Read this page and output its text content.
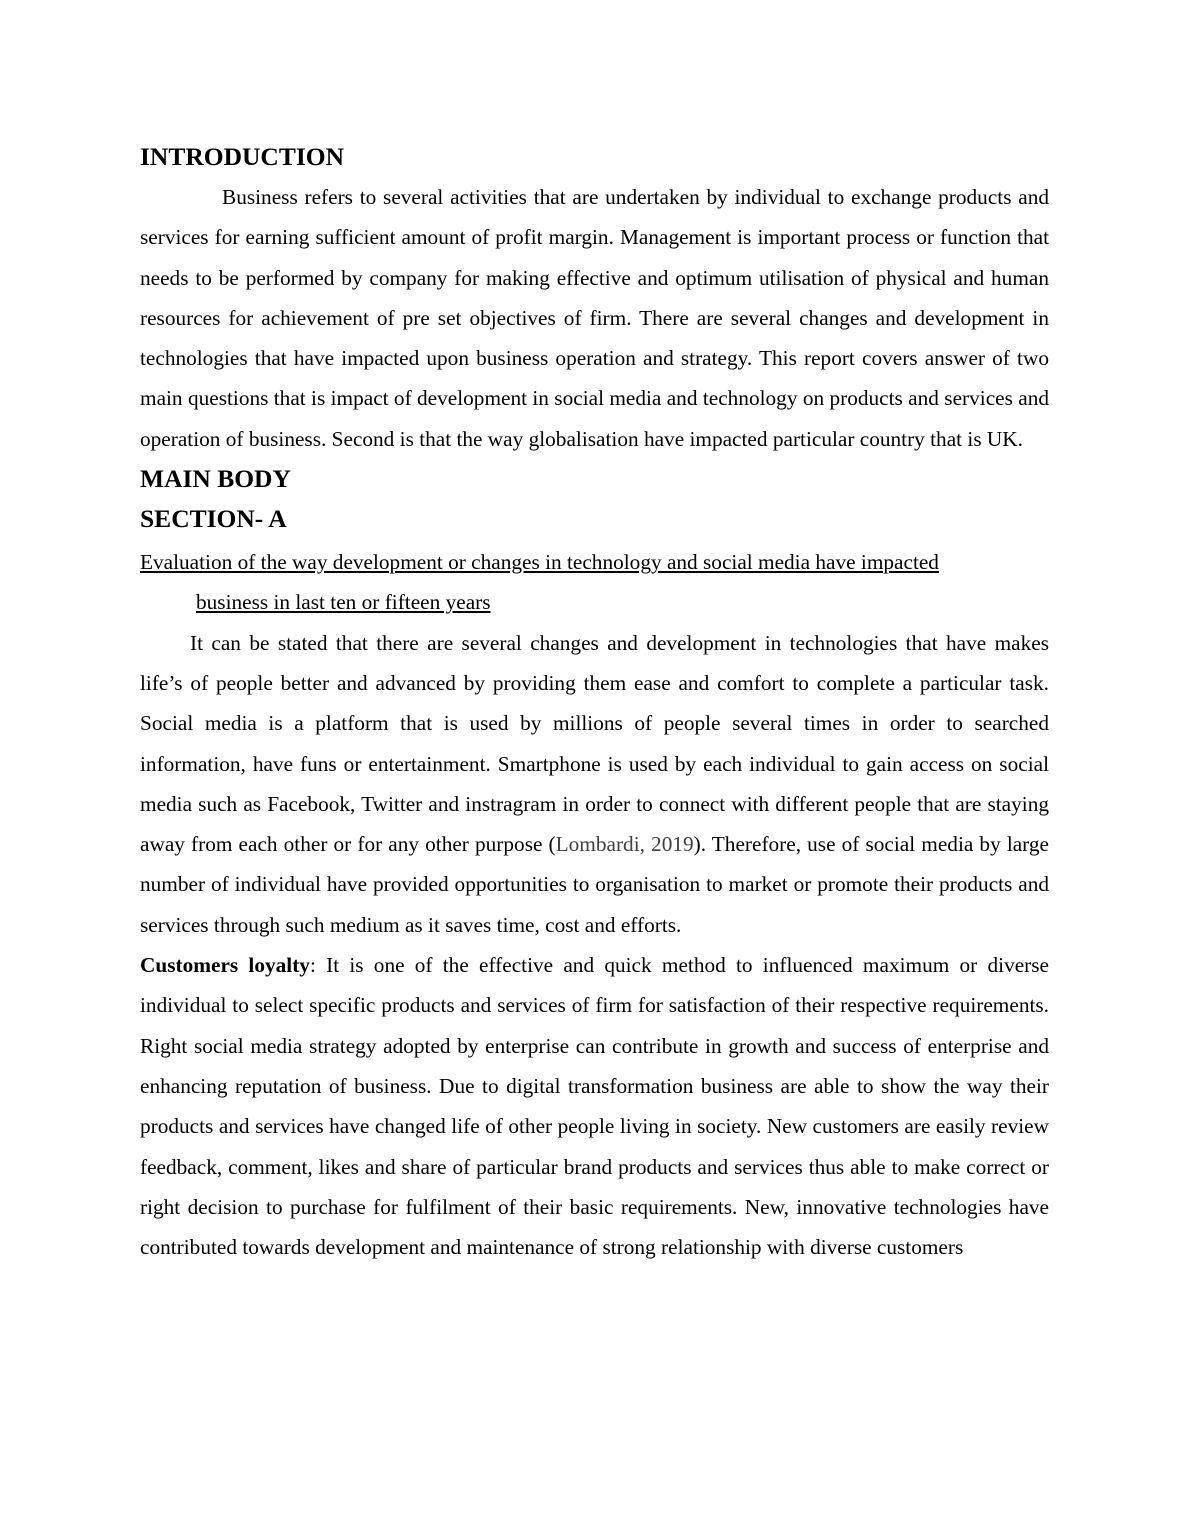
INTRODUCTION

Business refers to several activities that are undertaken by individual to exchange products and services for earning sufficient amount of profit margin. Management is important process or function that needs to be performed by company for making effective and optimum utilisation of physical and human resources for achievement of pre set objectives of firm. There are several changes and development in technologies that have impacted upon business operation and strategy. This report covers answer of two main questions that is impact of development in social media and technology on products and services and operation of business. Second is that the way globalisation have impacted particular country that is UK.

MAIN BODY
SECTION- A

Evaluation of the way development or changes in technology and social media have impacted
business in last ten or fifteen years

It can be stated that there are several changes and development in technologies that have makes life’s of people better and advanced by providing them ease and comfort to complete a particular task. Social media is a platform that is used by millions of people several times in order to searched information, have funs or entertainment. Smartphone is used by each individual to gain access on social media such as Facebook, Twitter and instragram in order to connect with different people that are staying away from each other or for any other purpose (Lombardi, 2019). Therefore, use of social media by large number of individual have provided opportunities to organisation to market or promote their products and services through such medium as it saves time, cost and efforts.

Customers loyalty: It is one of the effective and quick method to influenced maximum or diverse individual to select specific products and services of firm for satisfaction of their respective requirements. Right social media strategy adopted by enterprise can contribute in growth and success of enterprise and enhancing reputation of business. Due to digital transformation business are able to show the way their products and services have changed life of other people living in society. New customers are easily review feedback, comment, likes and share of particular brand products and services thus able to make correct or right decision to purchase for fulfilment of their basic requirements. New, innovative technologies have contributed towards development and maintenance of strong relationship with diverse customers
